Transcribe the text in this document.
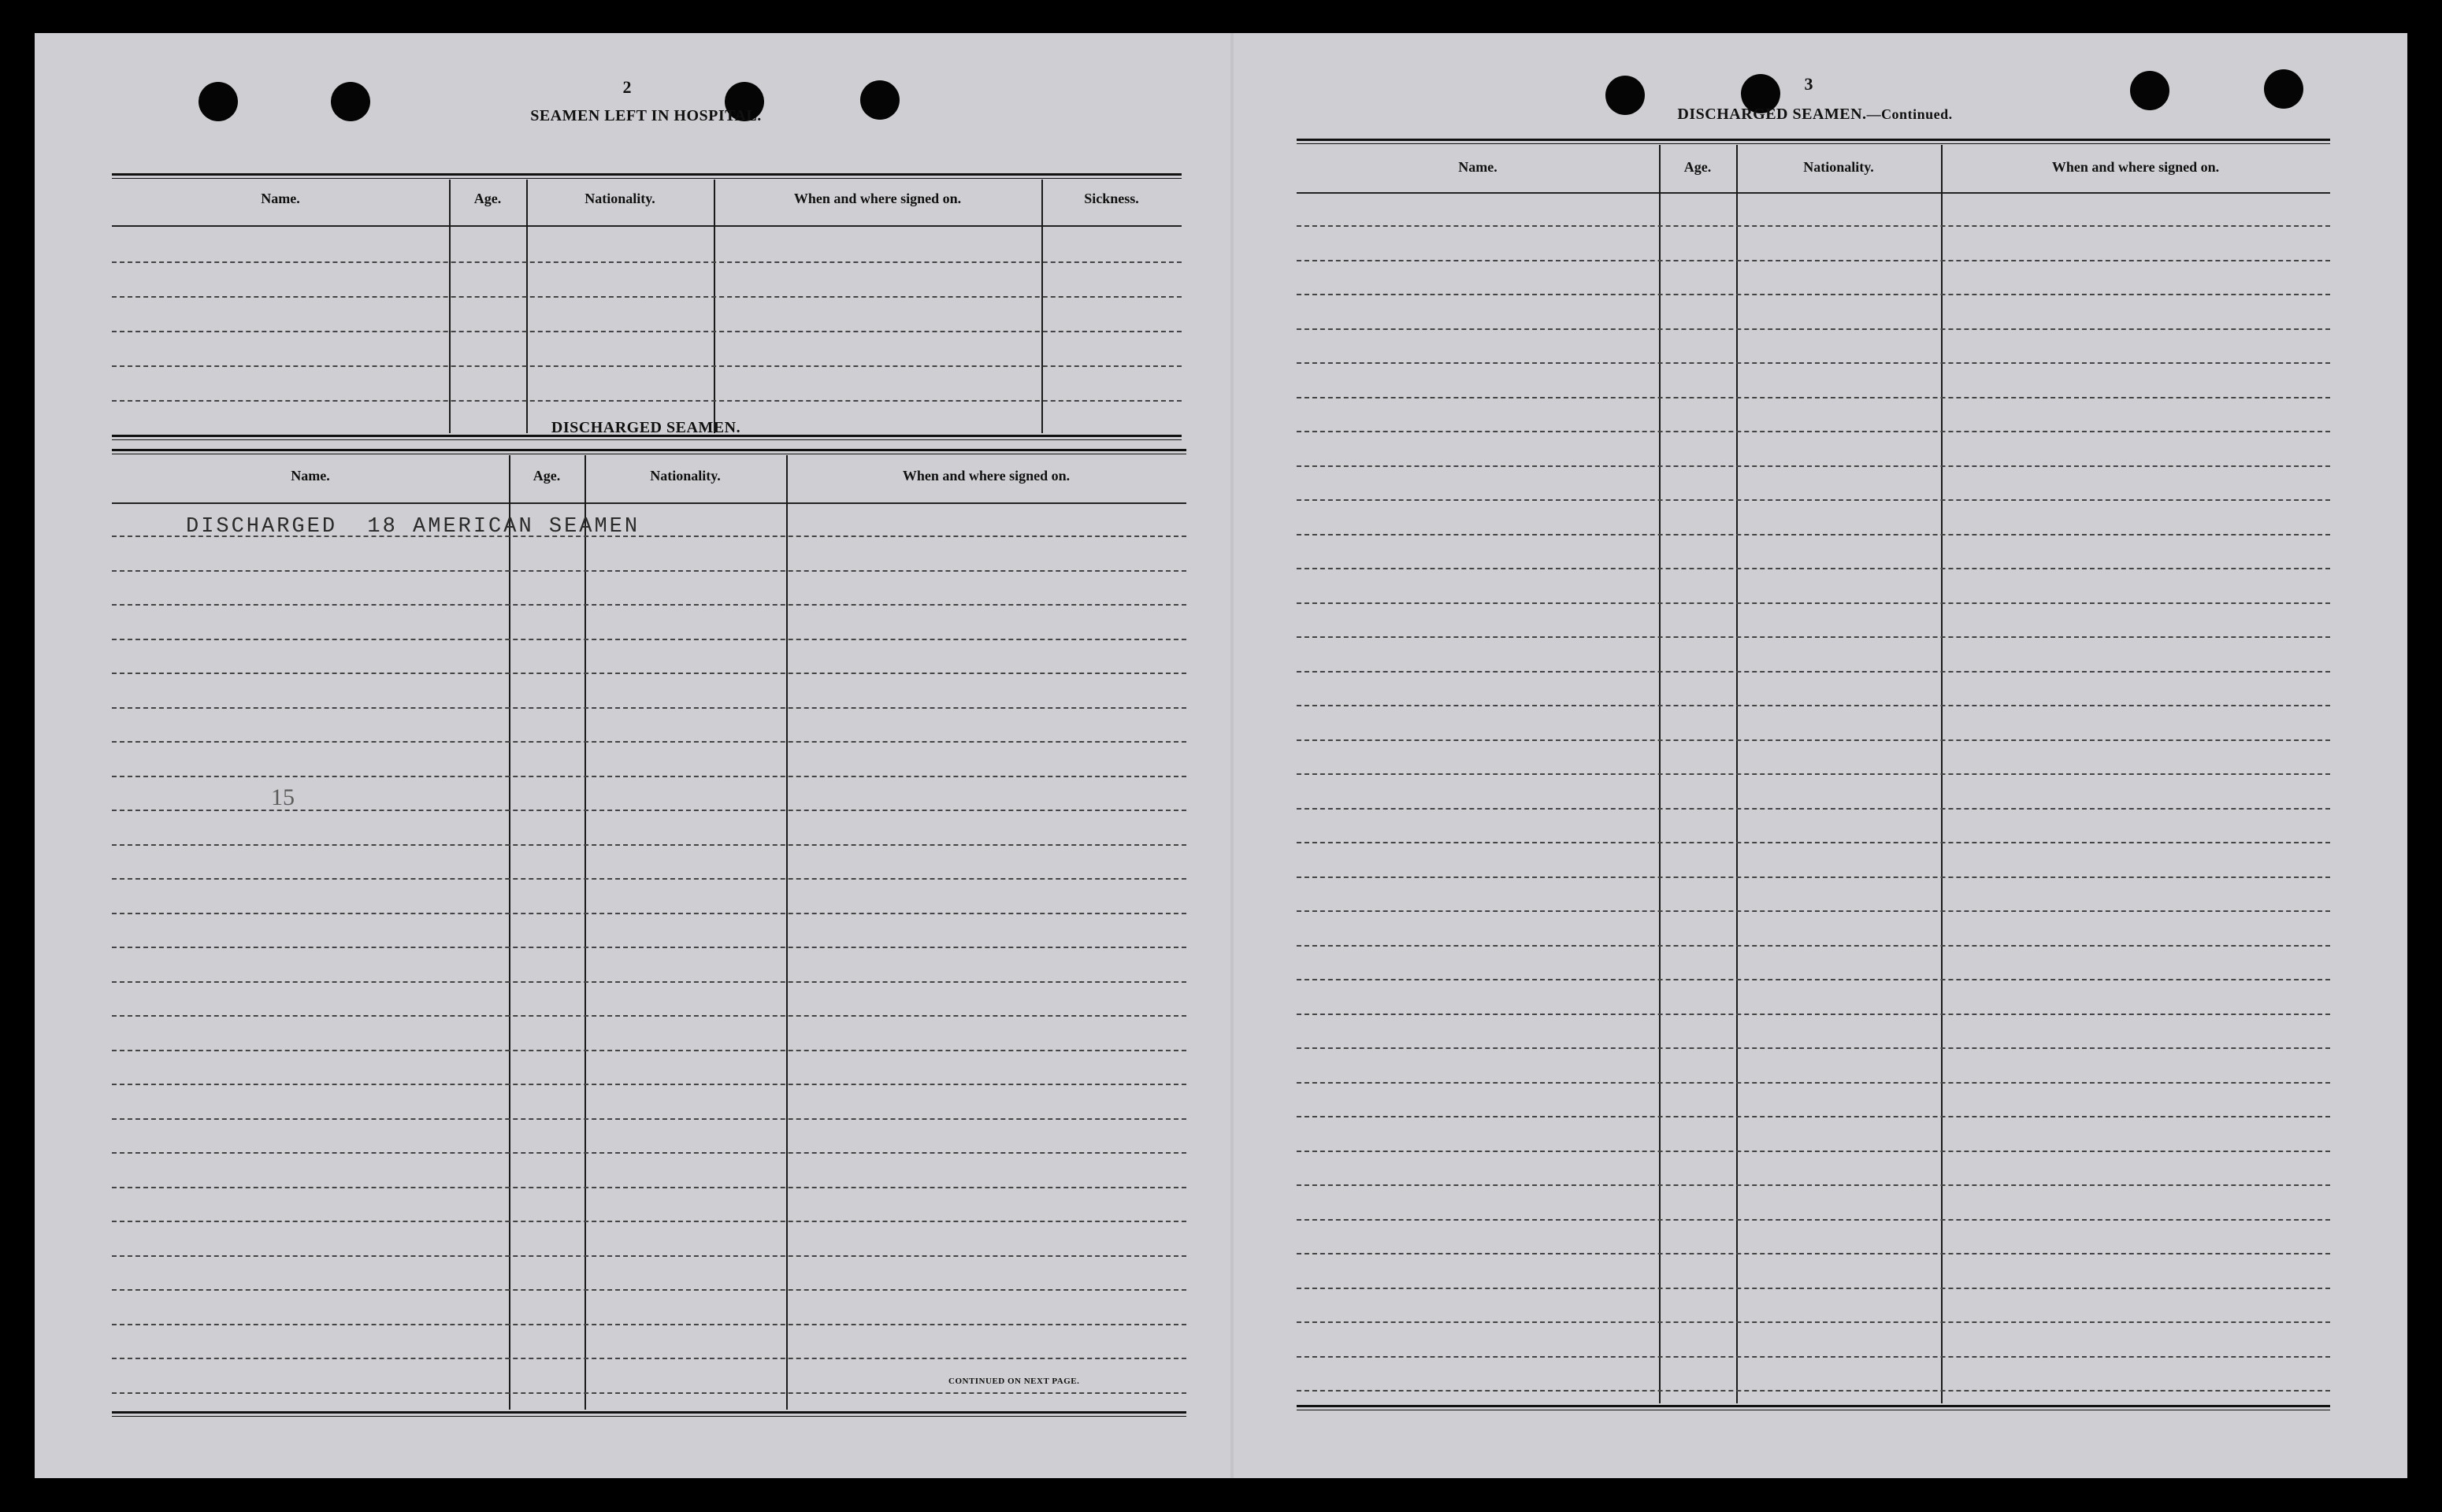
2
SEAMEN LEFT IN HOSPITAL.
Name.	Age.	Nationality.	When and where signed on.	Sickness.
DISCHARGED SEAMEN.
Name.	Age.	Nationality.	When and where signed on.
DISCHARGED  18 AMERICAN SEAMEN
15
CONTINUED ON NEXT PAGE.
3
DISCHARGED SEAMEN.—Continued.
Name.	Age.	Nationality.	When and where signed on.
